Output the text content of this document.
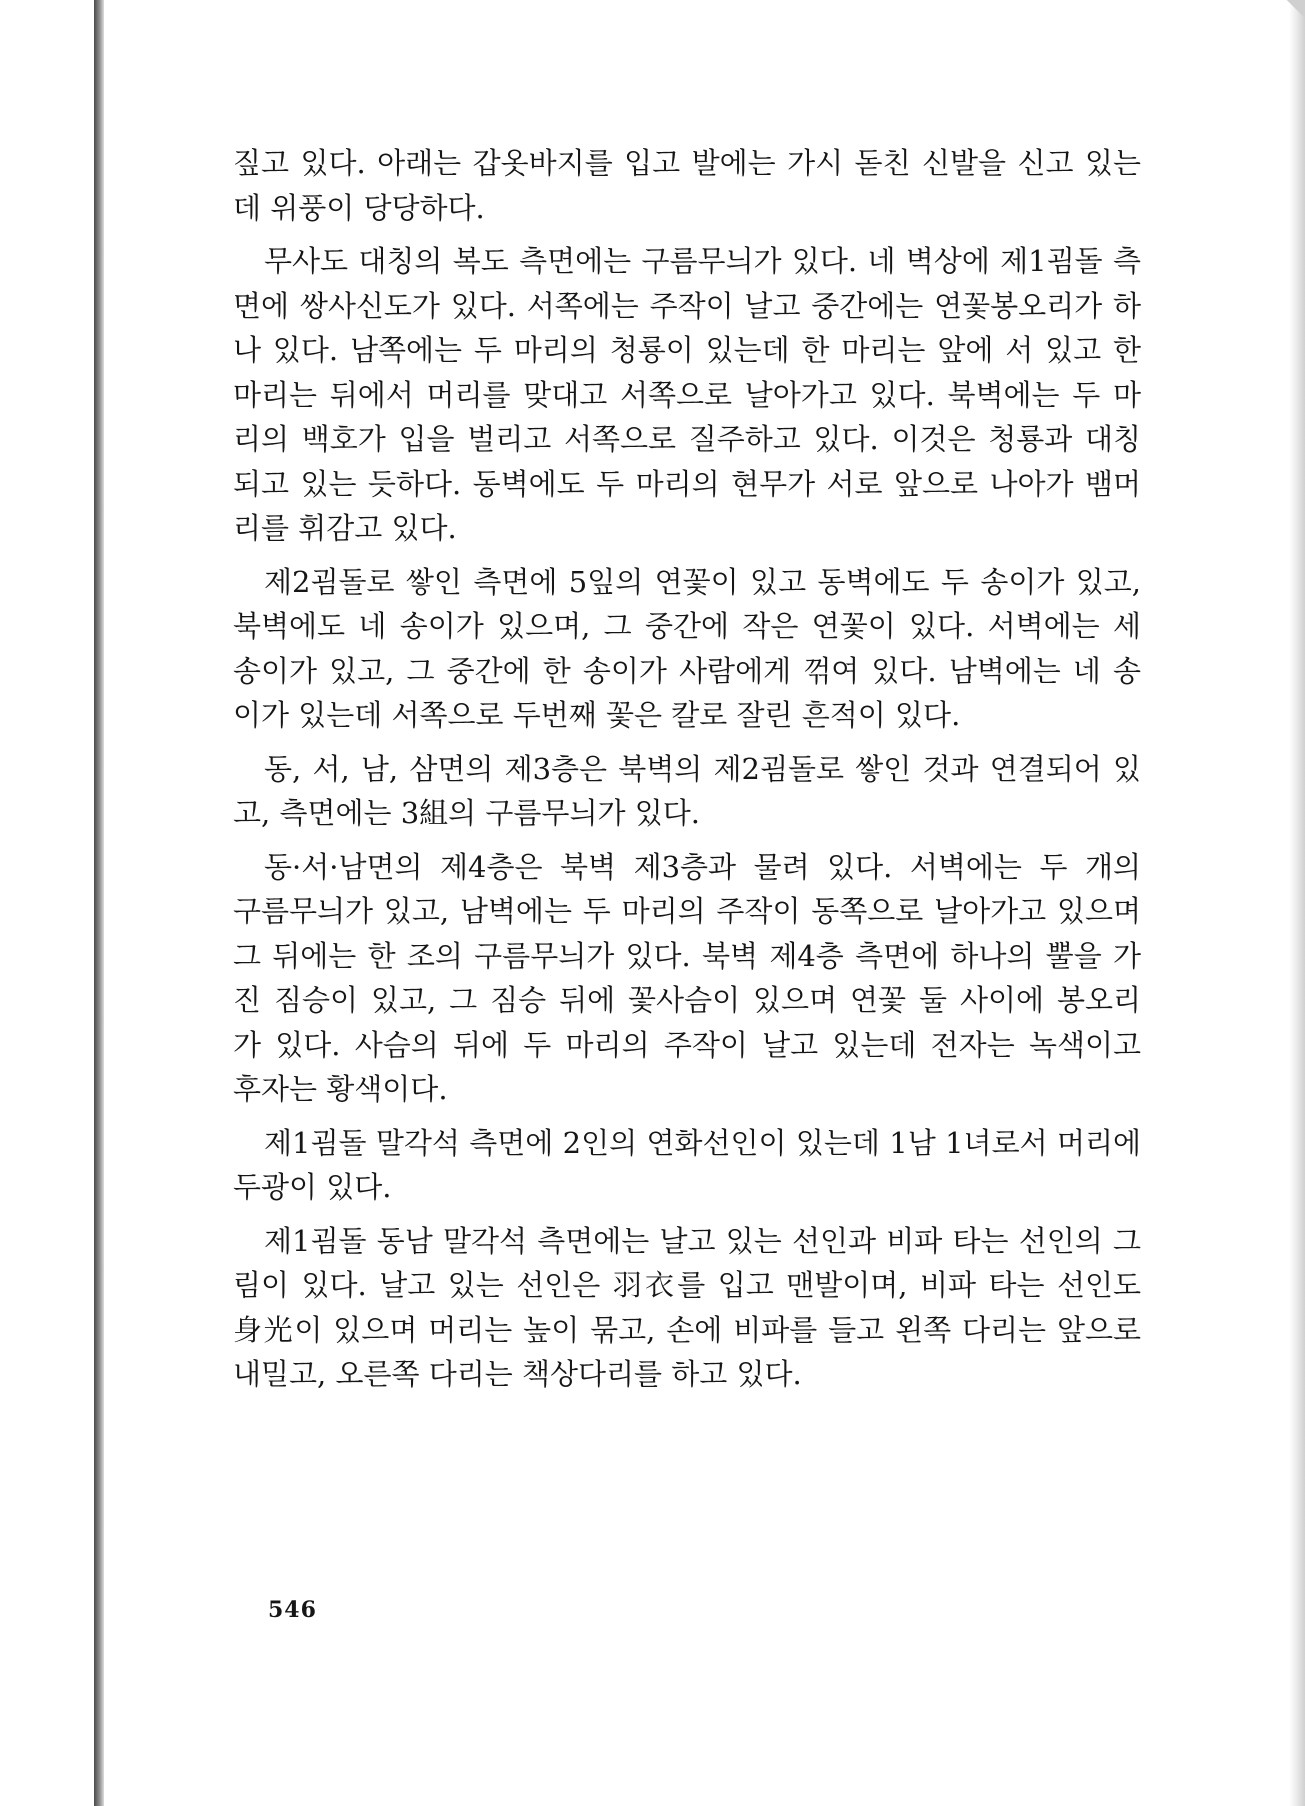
짚고 있다. 아래는 갑옷바지를 입고 발에는 가시 돋친 신발을 신고 있는
데 위풍이 당당하다.
무사도 대칭의 복도 측면에는 구름무늬가 있다. 네 벽상에 제1굄돌 측
면에 쌍사신도가 있다. 서쪽에는 주작이 날고 중간에는 연꽃봉오리가 하
나 있다. 남쪽에는 두 마리의 청룡이 있는데 한 마리는 앞에 서 있고 한
마리는 뒤에서 머리를 맞대고 서쪽으로 날아가고 있다. 북벽에는 두 마
리의 백호가 입을 벌리고 서쪽으로 질주하고 있다. 이것은 청룡과 대칭
되고 있는 듯하다. 동벽에도 두 마리의 현무가 서로 앞으로 나아가 뱀머
리를 휘감고 있다.
제2굄돌로 쌓인 측면에 5잎의 연꽃이 있고 동벽에도 두 송이가 있고,
북벽에도 네 송이가 있으며, 그 중간에 작은 연꽃이 있다. 서벽에는 세
송이가 있고, 그 중간에 한 송이가 사람에게 꺾여 있다. 남벽에는 네 송
이가 있는데 서쪽으로 두번째 꽃은 칼로 잘린 흔적이 있다.
동, 서, 남, 삼면의 제3층은 북벽의 제2굄돌로 쌓인 것과 연결되어 있
고, 측면에는 3組의 구름무늬가 있다.
동·서·남면의 제4층은 북벽 제3층과 물려 있다. 서벽에는 두 개의
구름무늬가 있고, 남벽에는 두 마리의 주작이 동쪽으로 날아가고 있으며
그 뒤에는 한 조의 구름무늬가 있다. 북벽 제4층 측면에 하나의 뿔을 가
진 짐승이 있고, 그 짐승 뒤에 꽃사슴이 있으며 연꽃 둘 사이에 봉오리
가 있다. 사슴의 뒤에 두 마리의 주작이 날고 있는데 전자는 녹색이고
후자는 황색이다.
제1굄돌 말각석 측면에 2인의 연화선인이 있는데 1남 1녀로서 머리에
두광이 있다.
제1굄돌 동남 말각석 측면에는 날고 있는 선인과 비파 타는 선인의 그
림이 있다. 날고 있는 선인은 羽衣를 입고 맨발이며, 비파 타는 선인도
身光이 있으며 머리는 높이 묶고, 손에 비파를 들고 왼쪽 다리는 앞으로
내밀고, 오른쪽 다리는 책상다리를 하고 있다.
546
